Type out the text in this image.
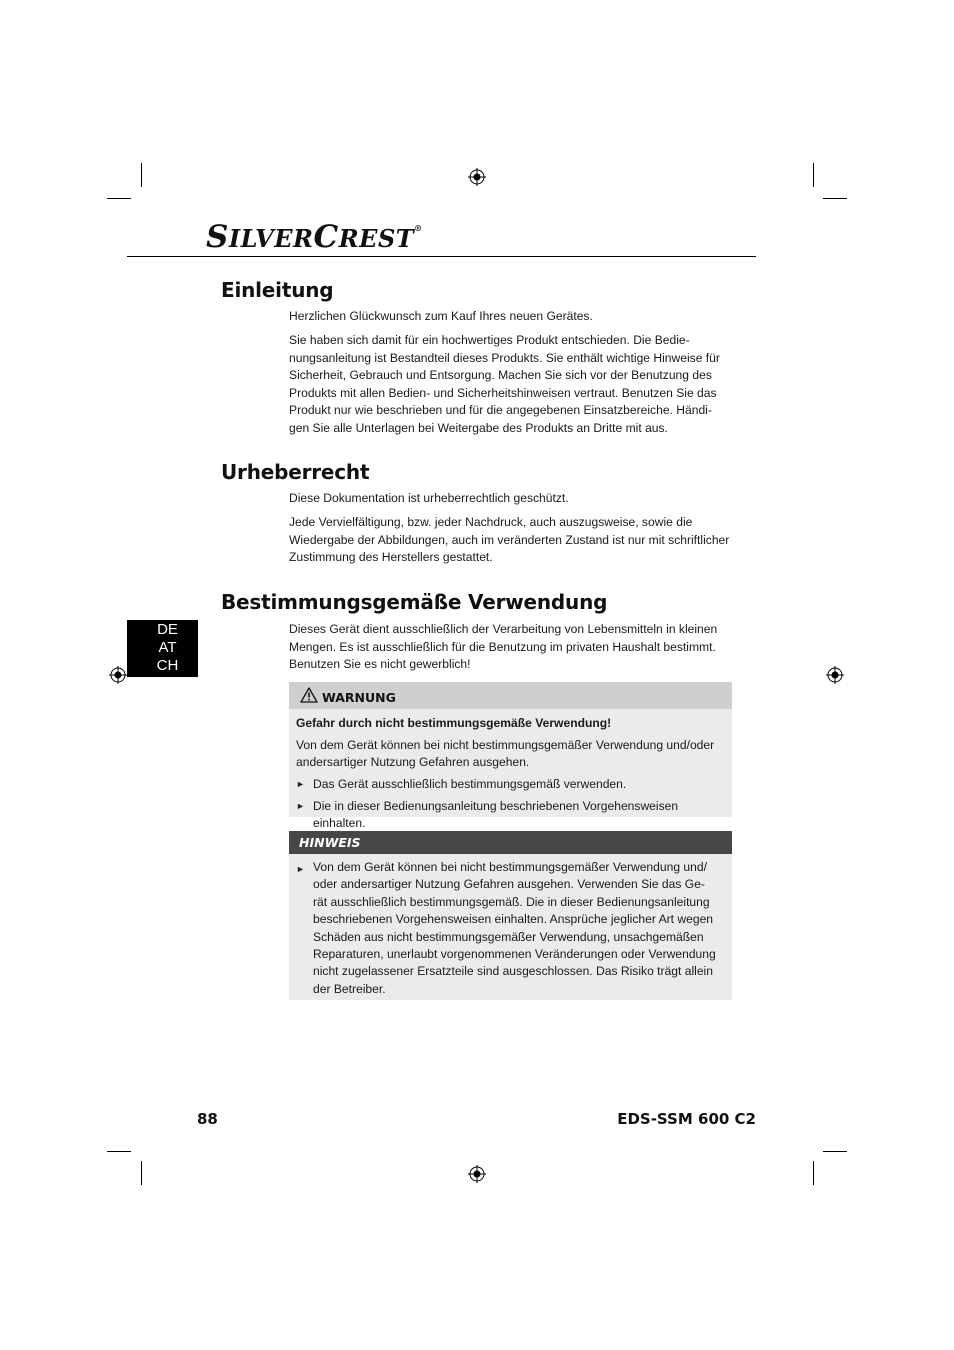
SILVERCREST®
Einleitung

Herzlichen Glückwunsch zum Kauf Ihres neuen Gerätes.

Sie haben sich damit für ein hochwertiges Produkt entschieden. Die Bedie-
nungsanleitung ist Bestandteil dieses Produkts. Sie enthält wichtige Hinweise für
Sicherheit, Gebrauch und Entsorgung. Machen Sie sich vor der Benutzung des
Produkts mit allen Bedien- und Sicherheitshinweisen vertraut. Benutzen Sie das
Produkt nur wie beschrieben und für die angegebenen Einsatzbereiche. Händi-
gen Sie alle Unterlagen bei Weitergabe des Produkts an Dritte mit aus.

Urheberrecht

Diese Dokumentation ist urheberrechtlich geschützt.

Jede Vervielfältigung, bzw. jeder Nachdruck, auch auszugsweise, sowie die
Wiedergabe der Abbildungen, auch im veränderten Zustand ist nur mit schriftlicher
Zustimmung des Herstellers gestattet.

Bestimmungsgemäße Verwendung

Dieses Gerät dient ausschließlich der Verarbeitung von Lebensmitteln in kleinen
Mengen. Es ist ausschließlich für die Benutzung im privaten Haushalt bestimmt.
Benutzen Sie es nicht gewerblich!

DE
AT
CH
WARNUNG

Gefahr durch nicht bestimmungsgemäße Verwendung!

Von dem Gerät können bei nicht bestimmungsgemäßer Verwendung und/oder
andersartiger Nutzung Gefahren ausgehen.

► Das Gerät ausschließlich bestimmungsgemäß verwenden.

► Die in dieser Bedienungsanleitung beschriebenen Vorgehensweisen einhalten.

HINWEIS
► Von dem Gerät können bei nicht bestimmungsgemäßer Verwendung und/
oder andersartiger Nutzung Gefahren ausgehen. Verwenden Sie das Ge-
rät ausschließlich bestimmungsgemäß. Die in dieser Bedienungsanleitung
beschriebenen Vorgehensweisen einhalten. Ansprüche jeglicher Art wegen
Schäden aus nicht bestimmungsgemäßer Verwendung, unsachgemäßen
Reparaturen, unerlaubt vorgenommenen Veränderungen oder Verwendung
nicht zugelassener Ersatzteile sind ausgeschlossen. Das Risiko trägt allein
der Betreiber.

88	EDS-SSM 600 C2
